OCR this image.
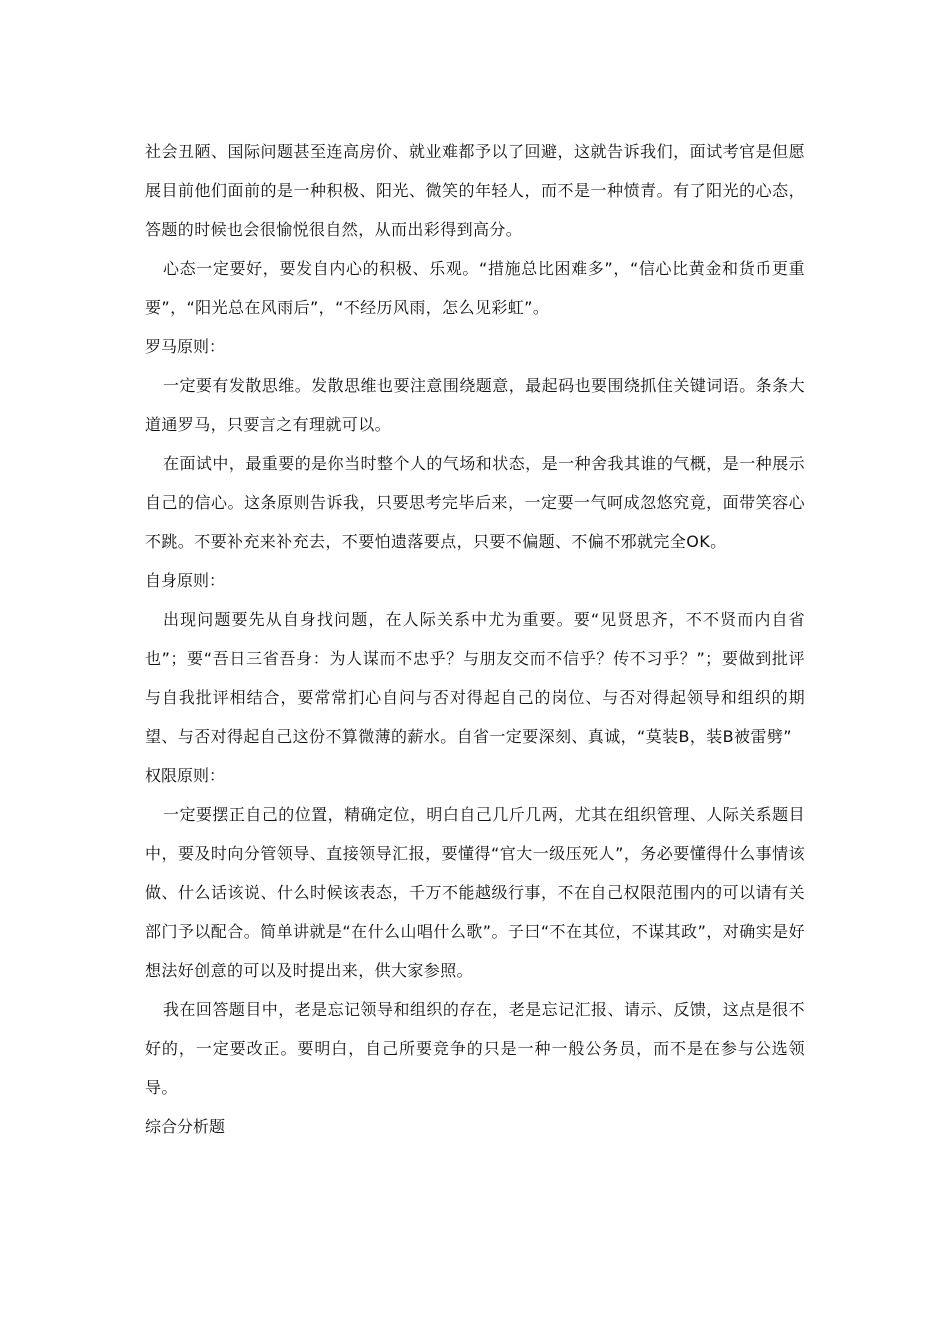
社会丑陋、国际问题甚至连高房价、就业难都予以了回避，这就告诉我们，面试考官是但愿展目前他们面前的是一种积极、阳光、微笑的年轻人，而不是一种愤青。有了阳光的心态，答题的时候也会很愉悦很自然，从而出彩得到高分。

心态一定要好，要发自内心的积极、乐观。“措施总比困难多”，“信心比黄金和货币更重要”，“阳光总在风雨后”，“不经历风雨，怎么见彩虹”。

罗马原则：

一定要有发散思维。发散思维也要注意围绕题意，最起码也要围绕抓住关键词语。条条大道通罗马，只要言之有理就可以。

在面试中，最重要的是你当时整个人的气场和状态，是一种舍我其谁的气概，是一种展示自己的信心。这条原则告诉我，只要思考完毕后来，一定要一气呵成忽悠究竟，面带笑容心不跳。不要补充来补充去，不要怕遗落要点，只要不偏题、不偏不邪就完全OK。

自身原则：

出现问题要先从自身找问题，在人际关系中尤为重要。要“见贤思齐，不不贤而内自省也”；要“吾日三省吾身：为人谋而不忠乎？与朋友交而不信乎？传不习乎？”；要做到批评与自我批评相结合，要常常扪心自问与否对得起自己的岗位、与否对得起领导和组织的期望、与否对得起自己这份不算微薄的薪水。自省一定要深刻、真诚，“莫装B，装B被雷劈”

权限原则：

一定要摆正自己的位置，精确定位，明白自己几斤几两，尤其在组织管理、人际关系题目中，要及时向分管领导、直接领导汇报，要懂得“官大一级压死人”，务必要懂得什么事情该做、什么话该说、什么时候该表态，千万不能越级行事，不在自己权限范围内的可以请有关部门予以配合。简单讲就是“在什么山唱什么歌”。子曰“不在其位，不谋其政”，对确实是好想法好创意的可以及时提出来，供大家参照。

我在回答题目中，老是忘记领导和组织的存在，老是忘记汇报、请示、反馈，这点是很不好的，一定要改正。要明白，自己所要竞争的只是一种一般公务员，而不是在参与公选领导。

综合分析题
